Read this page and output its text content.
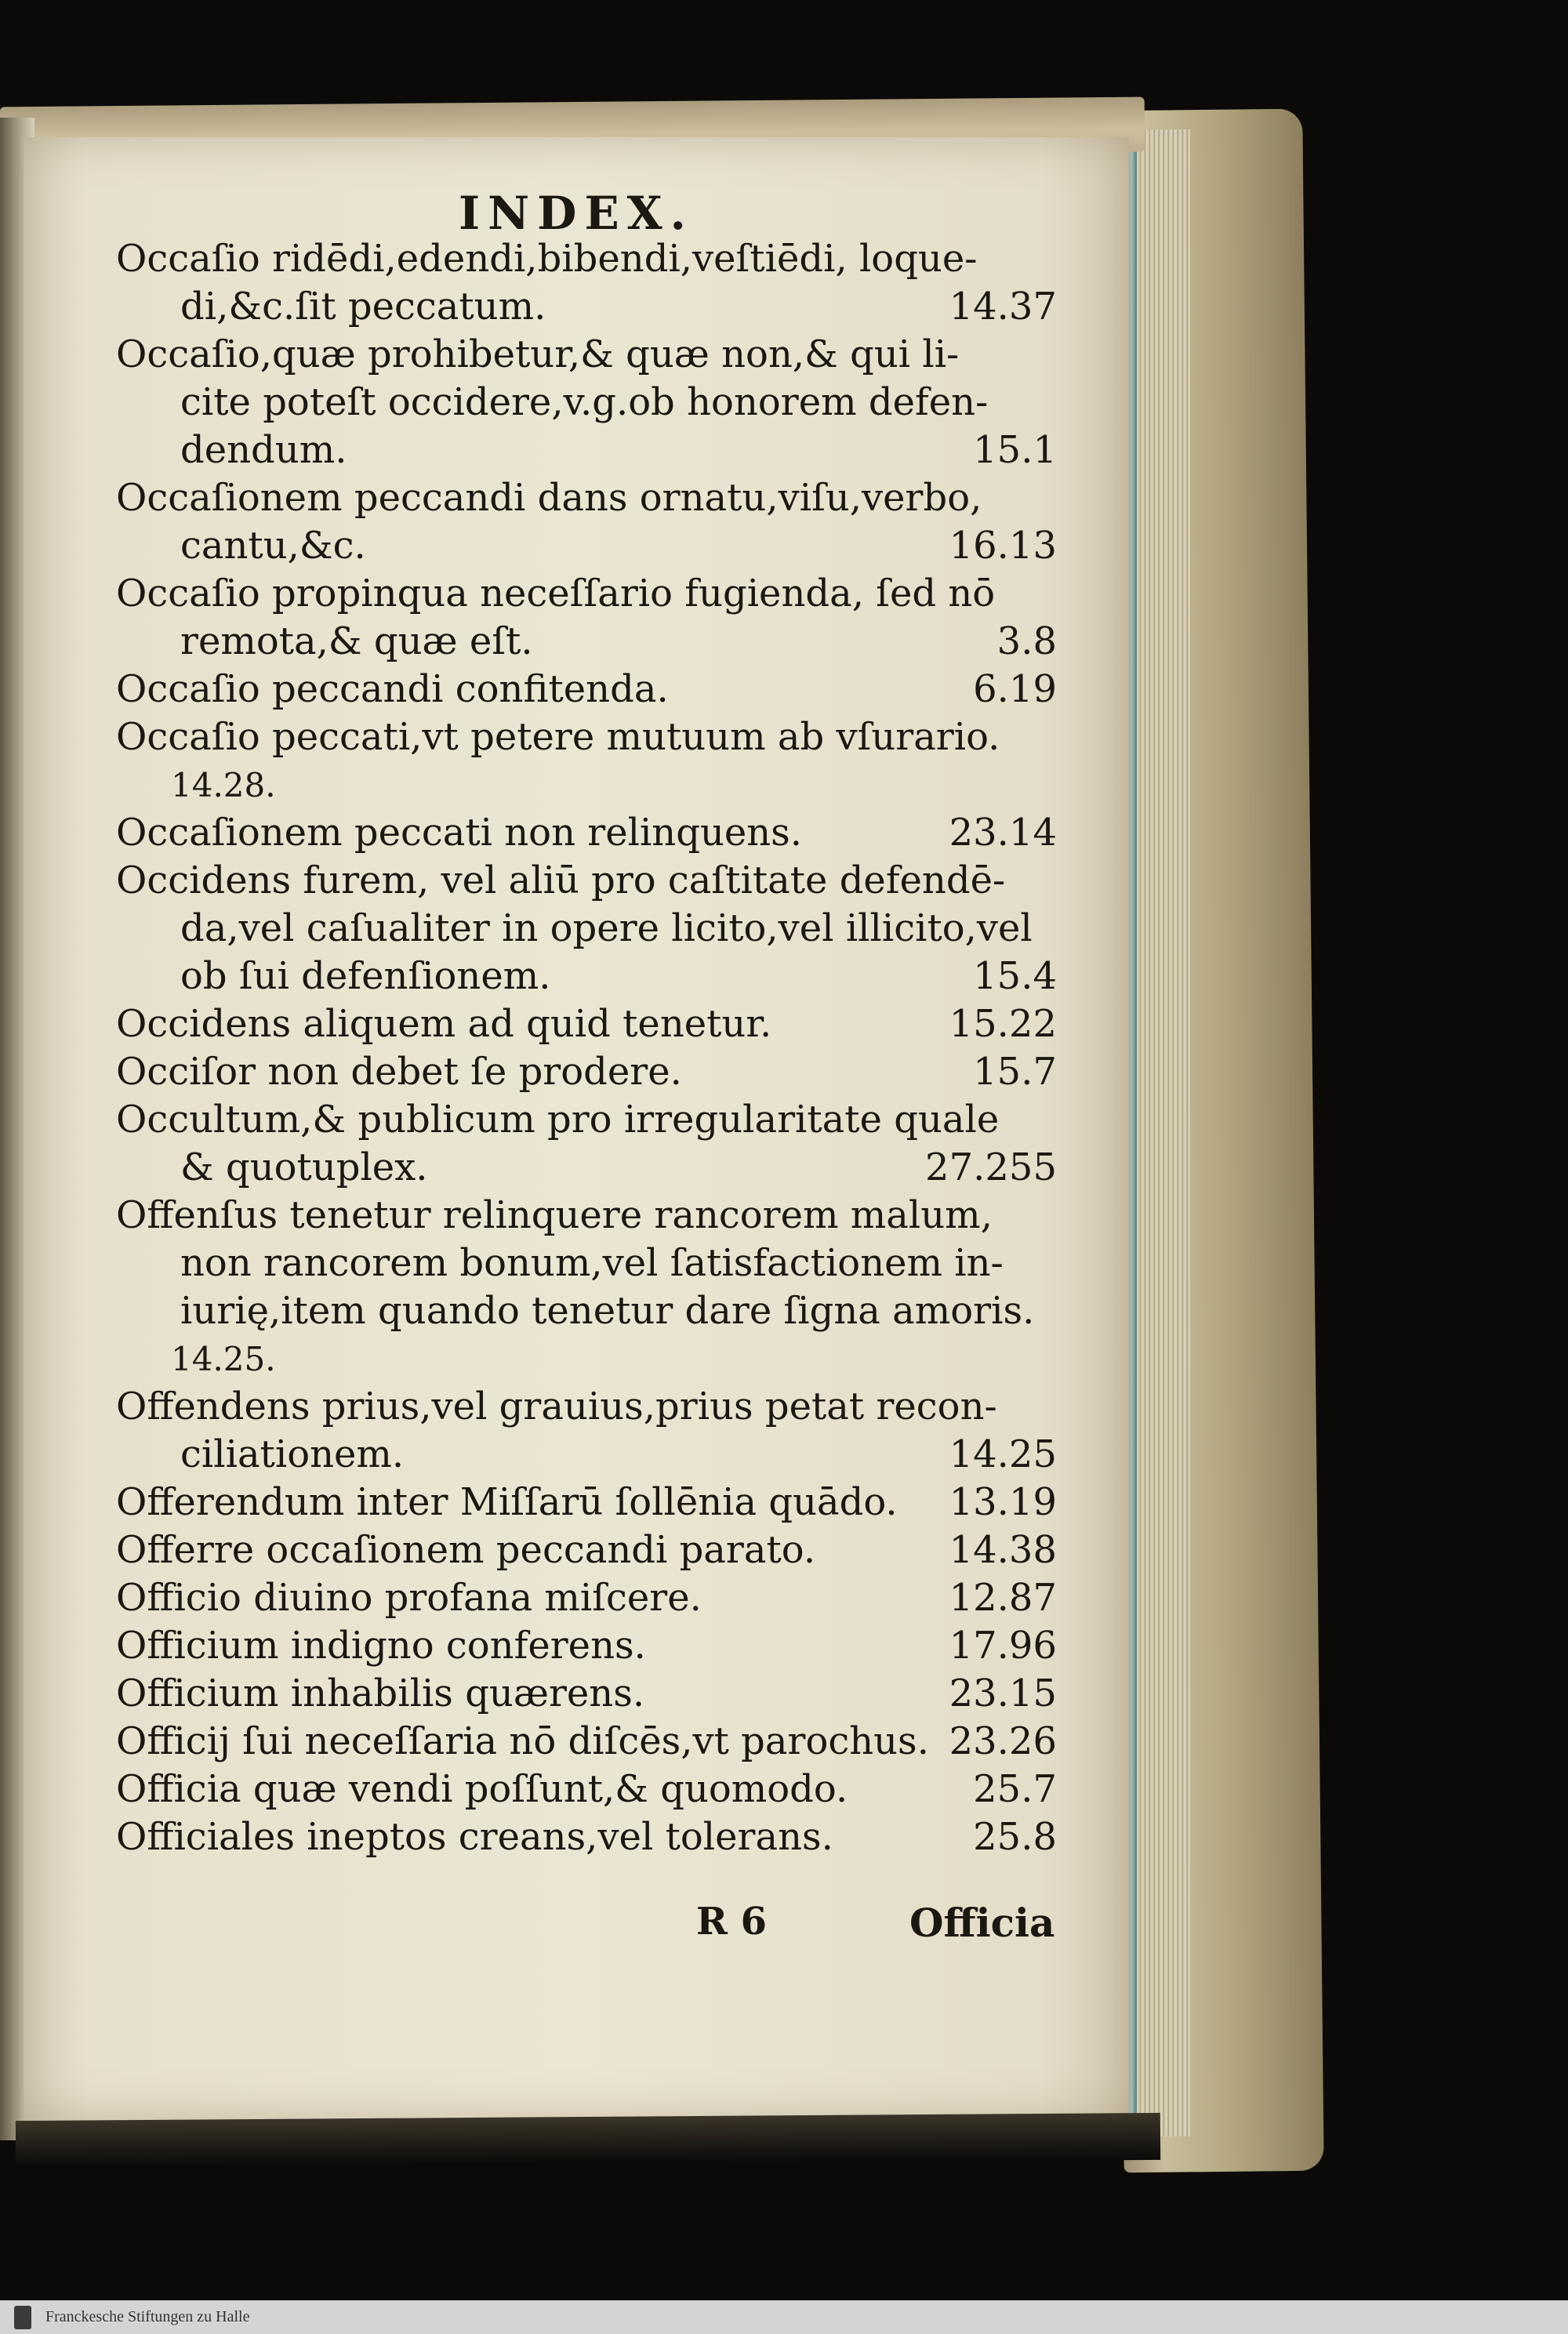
INDEX.
Occaſio ridēdi,edendi,bibendi,veſtiēdi, loque-
di,&c.ſit peccatum.	14.37
Occaſio,quæ prohibetur,& quæ non,& qui li-
cite poteſt occidere,v.g.ob honorem defen-
dendum.	15.1
Occaſionem peccandi dans ornatu,viſu,verbo,
cantu,&c.	16.13
Occaſio propinqua neceſſario fugienda, ſed nō
remota,& quæ eſt.	3.8
Occaſio peccandi confitenda.	6.19
Occaſio peccati,vt petere mutuum ab vſurario.
14.28.
Occaſionem peccati non relinquens.	23.14
Occidens furem, vel aliū pro caſtitate defendē-
da,vel caſualiter in opere licito,vel illicito,vel
ob ſui defenſionem.	15.4
Occidens aliquem ad quid tenetur.	15.22
Occiſor non debet ſe prodere.	15.7
Occultum,& publicum pro irregularitate quale
& quotuplex.	27.255
Offenſus tenetur relinquere rancorem malum,
non rancorem bonum,vel ſatisfactionem in-
iurię,item quando tenetur dare ſigna amoris.
14.25.
Offendens prius,vel grauius,prius petat recon-
ciliationem.	14.25
Offerendum inter Miſſarū ſollēnia quādo.	13.19
Offerre occaſionem peccandi parato.	14.38
Officio diuino profana miſcere.	12.87
Officium indigno conferens.	17.96
Officium inhabilis quærens.	23.15
Officij ſui neceſſaria nō diſcēs,vt parochus. 23.26
Officia quæ vendi poſſunt,& quomodo.	25.7
Officiales ineptos creans,vel tolerans.	25.8
R 6	Officia
Franckesche Stiftungen zu Halle
